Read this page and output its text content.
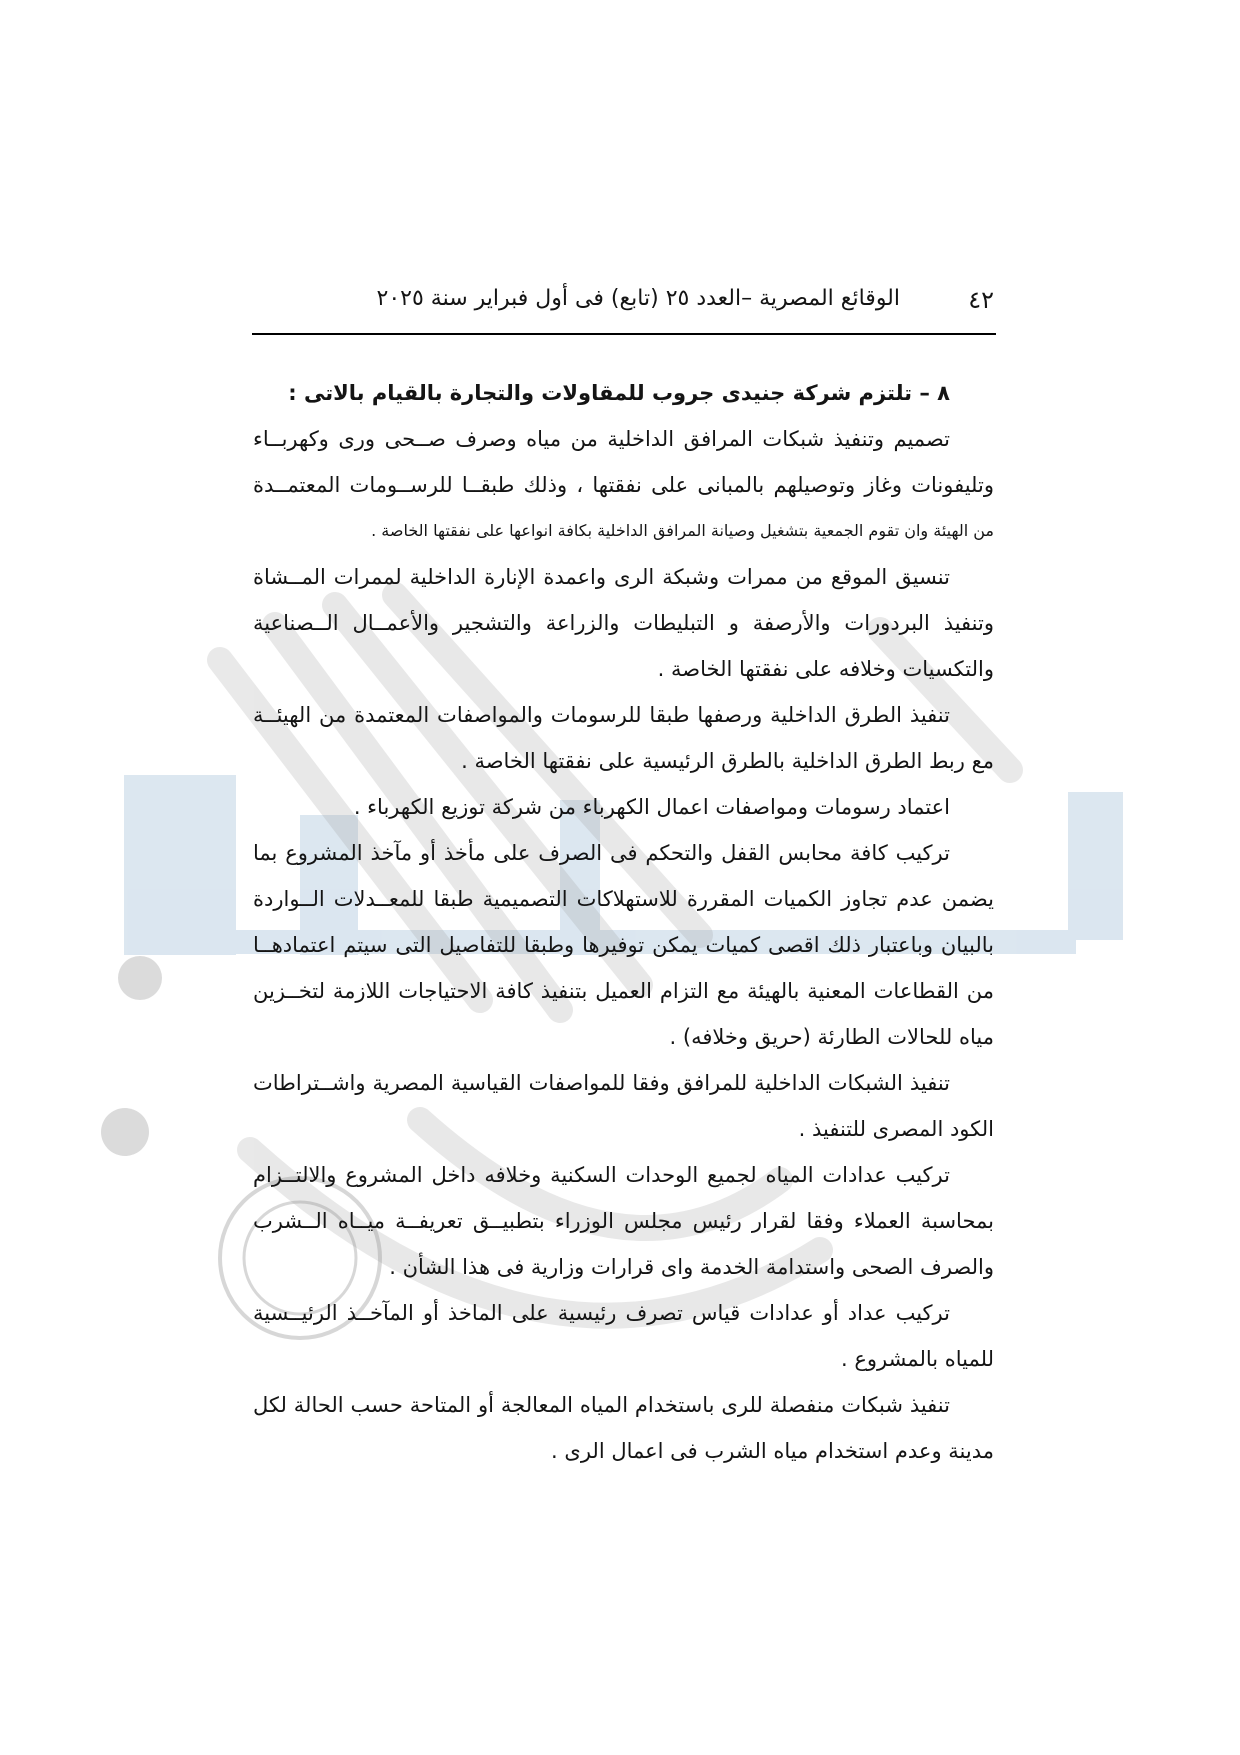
٤٢
الوقائع المصرية –العدد ٢٥ (تابع) فى أول فبراير سنة ٢٠٢٥
٨ – تلتزم شركة جنيدى جروب للمقاولات والتجارة بالقيام بالاتى :
تصميم وتنفيذ شبكات المرافق الداخلية من مياه وصرف صــحى ورى وكهربــاء
وتليفونات وغاز وتوصيلهم بالمبانى على نفقتها ، وذلك طبقــا للرســومات المعتمــدة
من الهيئة وان تقوم الجمعية بتشغيل وصيانة المرافق الداخلية بكافة انواعها على نفقتها الخاصة .
تنسيق الموقع من ممرات وشبكة الرى واعمدة الإنارة الداخلية لممرات المــشاة
وتنفيذ البردورات والأرصفة و التبليطات والزراعة والتشجير والأعمــال الــصناعية
والتكسيات وخلافه على نفقتها الخاصة .
تنفيذ الطرق الداخلية ورصفها طبقا للرسومات والمواصفات المعتمدة من الهيئــة
مع ربط الطرق الداخلية بالطرق الرئيسية على نفقتها الخاصة .
اعتماد رسومات ومواصفات اعمال الكهرباء من شركة توزيع الكهرباء .
تركيب كافة محابس القفل والتحكم فى الصرف على مأخذ أو مآخذ المشروع بما
يضمن عدم تجاوز الكميات المقررة للاستهلاكات التصميمية طبقا للمعــدلات الــواردة
بالبيان وباعتبار ذلك اقصى كميات يمكن توفيرها وطبقا للتفاصيل التى سيتم اعتمادهــا
من القطاعات المعنية بالهيئة مع التزام العميل بتنفيذ كافة الاحتياجات اللازمة لتخــزين
مياه للحالات الطارئة (حريق وخلافه) .
تنفيذ الشبكات الداخلية للمرافق وفقا للمواصفات القياسية المصرية واشــتراطات
الكود المصرى للتنفيذ .
تركيب عدادات المياه لجميع الوحدات السكنية وخلافه داخل المشروع والالتــزام
بمحاسبة العملاء وفقا لقرار رئيس مجلس الوزراء بتطبيــق تعريفــة ميــاه الــشرب
والصرف الصحى واستدامة الخدمة واى قرارات وزارية فى هذا الشأن .
تركيب عداد أو عدادات قياس تصرف رئيسية على الماخذ أو المآخــذ الرئيــسية
للمياه بالمشروع .
تنفيذ شبكات منفصلة للرى باستخدام المياه المعالجة أو المتاحة حسب الحالة لكل
مدينة وعدم استخدام مياه الشرب فى اعمال الرى .
